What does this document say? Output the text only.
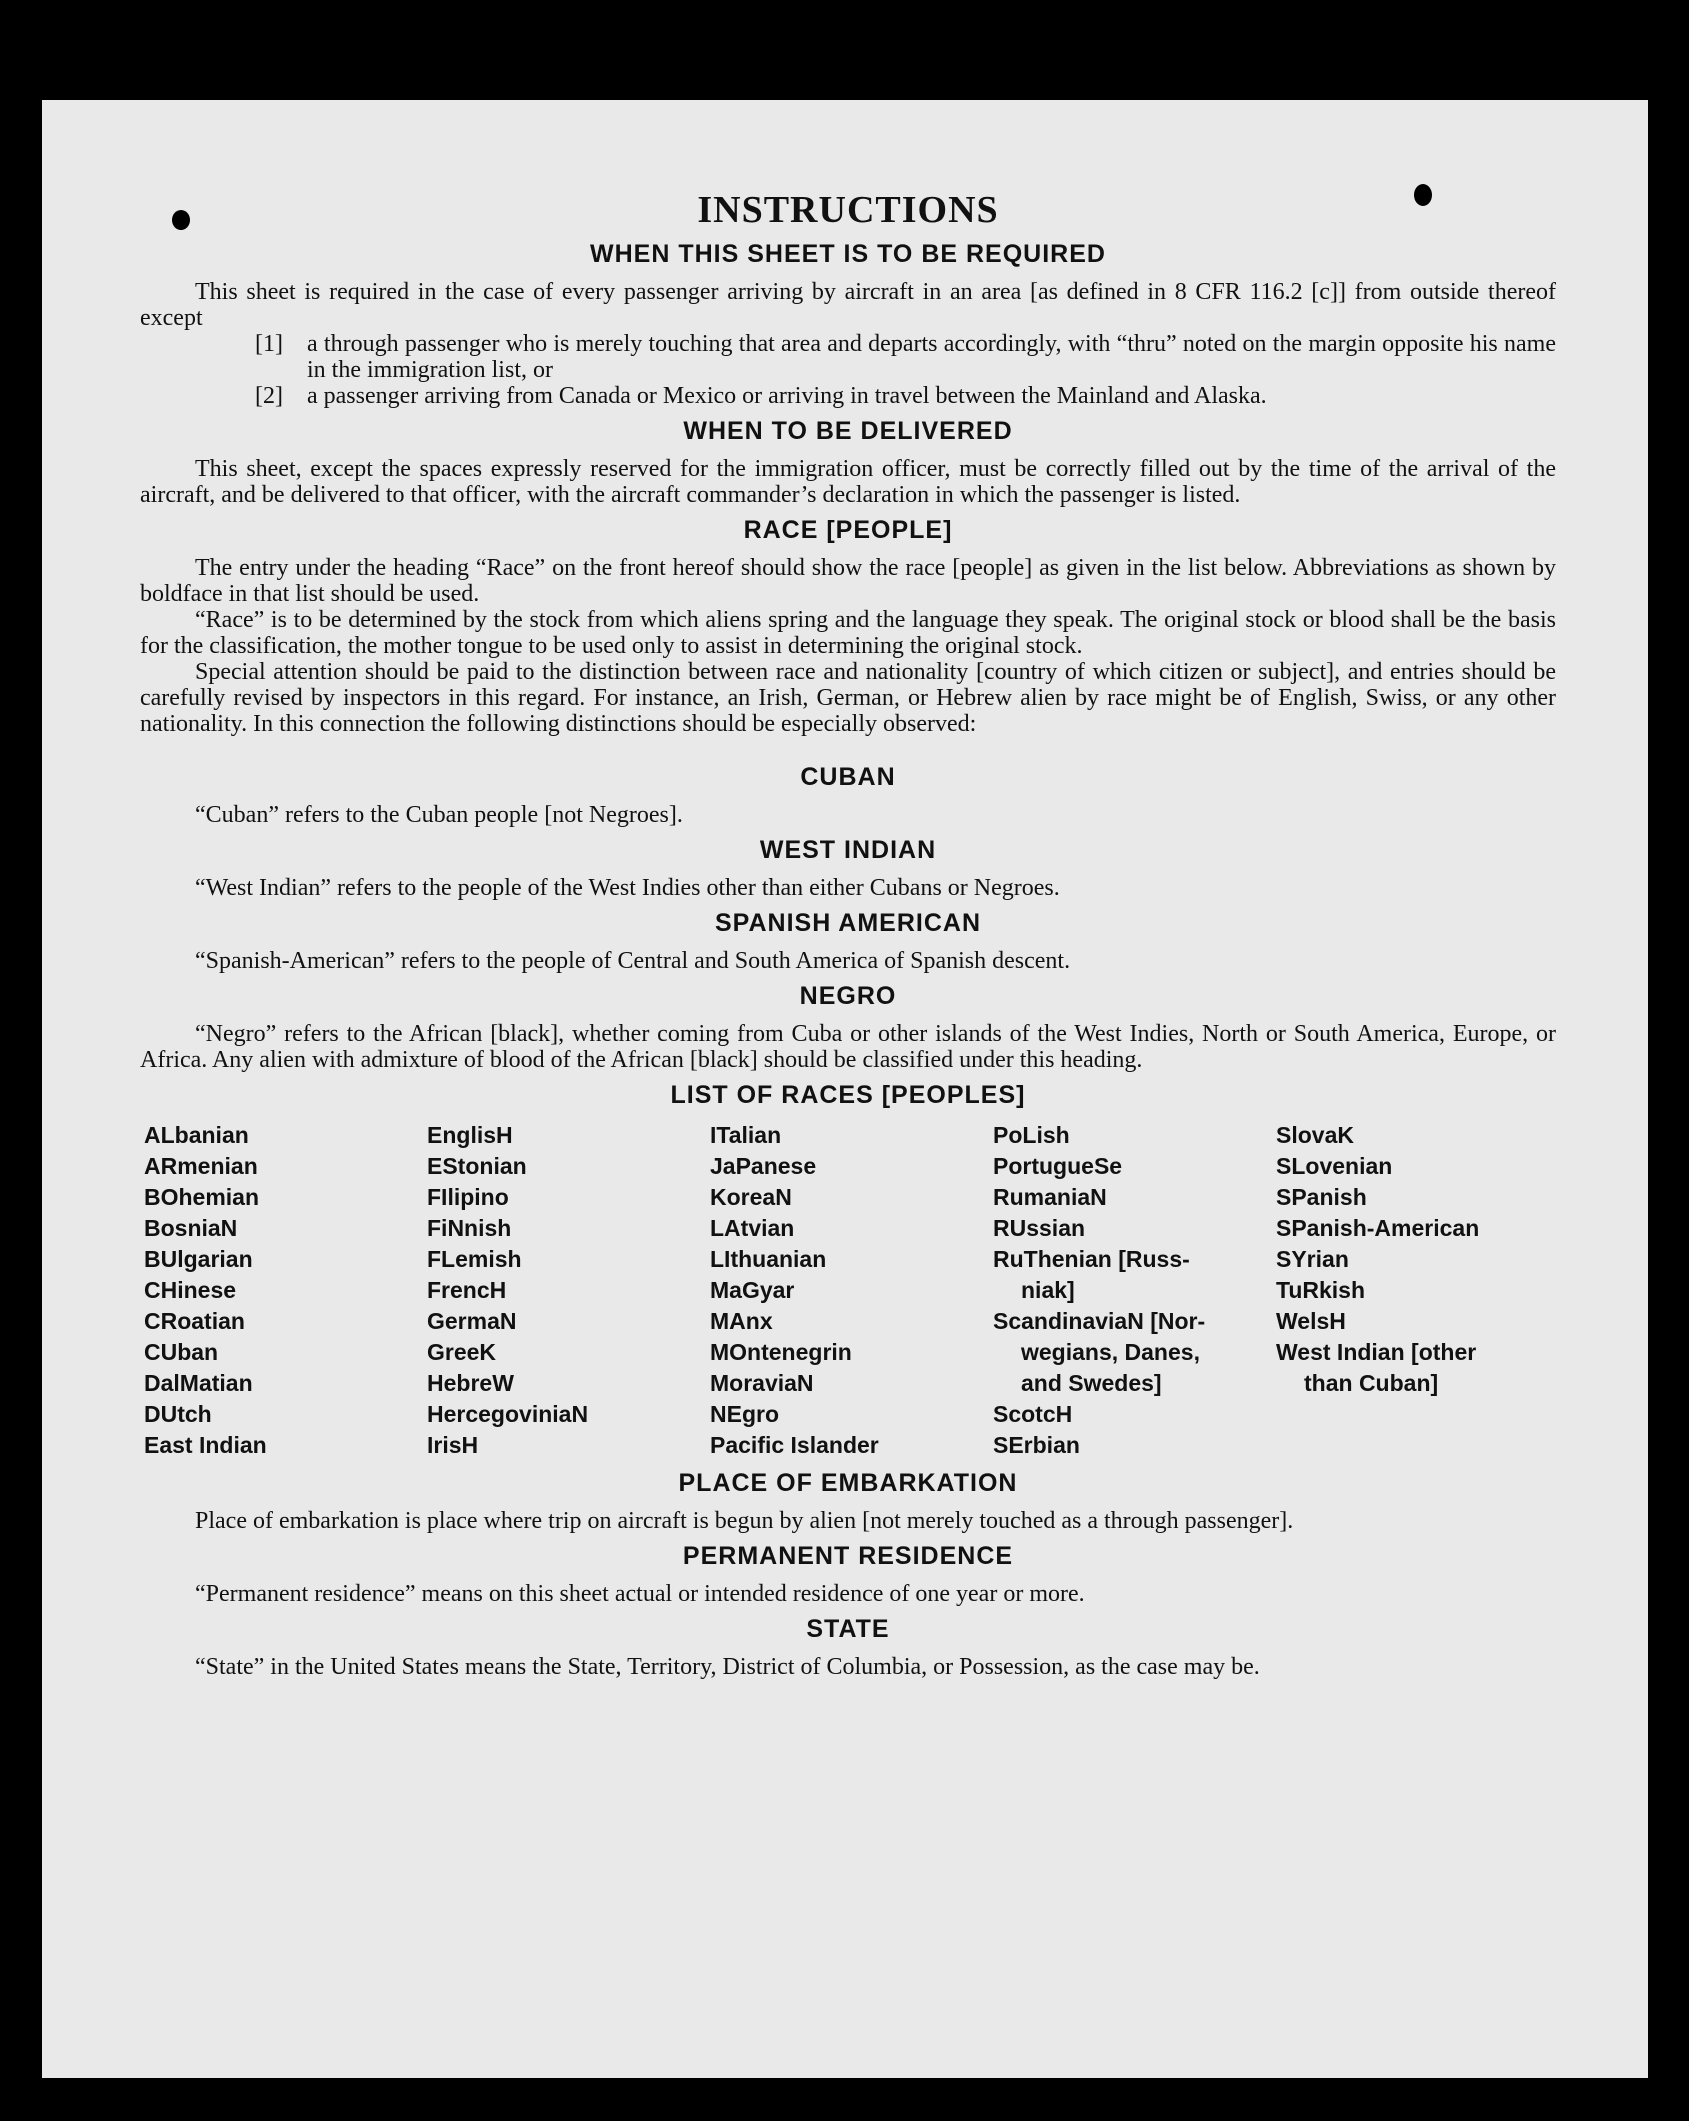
INSTRUCTIONS
WHEN THIS SHEET IS TO BE REQUIRED

This sheet is required in the case of every passenger arriving by aircraft in an area [as defined in 8 CFR 116.2 [c]] from outside thereof except

[1]	a through passenger who is merely touching that area and departs accordingly, with “thru” noted on the margin opposite his name in the immigration list, or
[2]	a passenger arriving from Canada or Mexico or arriving in travel between the Mainland and Alaska.
WHEN TO BE DELIVERED

This sheet, except the spaces expressly reserved for the immigration officer, must be correctly filled out by the time of the arrival of the aircraft, and be delivered to that officer, with the aircraft commander’s declaration in which the passenger is listed.

RACE [PEOPLE]

The entry under the heading “Race” on the front hereof should show the race [people] as given in the list below. Abbreviations as shown by boldface in that list should be used.

“Race” is to be determined by the stock from which aliens spring and the language they speak. The original stock or blood shall be the basis for the classification, the mother tongue to be used only to assist in determining the original stock.

Special attention should be paid to the distinction between race and nationality [country of which citizen or subject], and entries should be carefully revised by inspectors in this regard. For instance, an Irish, German, or Hebrew alien by race might be of English, Swiss, or any other nationality. In this connection the following distinctions should be especially observed:

CUBAN

“Cuban” refers to the Cuban people [not Negroes].

WEST INDIAN

“West Indian” refers to the people of the West Indies other than either Cubans or Negroes.

SPANISH AMERICAN

“Spanish-American” refers to the people of Central and South America of Spanish descent.

NEGRO

“Negro” refers to the African [black], whether coming from Cuba or other islands of the West Indies, North or South America, Europe, or Africa. Any alien with admixture of blood of the African [black] should be classified under this heading.

LIST OF RACES [PEOPLES]
ALbanian
ARmenian
BOhemian
BosniaN
BUlgarian
CHinese
CRoatian
CUban
DalMatian
DUtch
East Indian
EnglisH
EStonian
FIlipino
FiNnish
FLemish
FrencH
GermaN
GreeK
HebreW
HercegoviniaN
IrisH
ITalian
JaPanese
KoreaN
LAtvian
LIthuanian
MaGyar
MAnx
MOntenegrin
MoraviaN
NEgro
Pacific Islander
PoLish
PortugueSe
RumaniaN
RUssian
RuThenian [Russ-
niak]
ScandinaviaN [Nor-
wegians, Danes,
and Swedes]
ScotcH
SErbian
SlovaK
SLovenian
SPanish
SPanish-American
SYrian
TuRkish
WelsH
West Indian [other
than Cuban]
PLACE OF EMBARKATION

Place of embarkation is place where trip on aircraft is begun by alien [not merely touched as a through passenger].

PERMANENT RESIDENCE

“Permanent residence” means on this sheet actual or intended residence of one year or more.

STATE

“State” in the United States means the State, Territory, District of Columbia, or Possession, as the case may be.
